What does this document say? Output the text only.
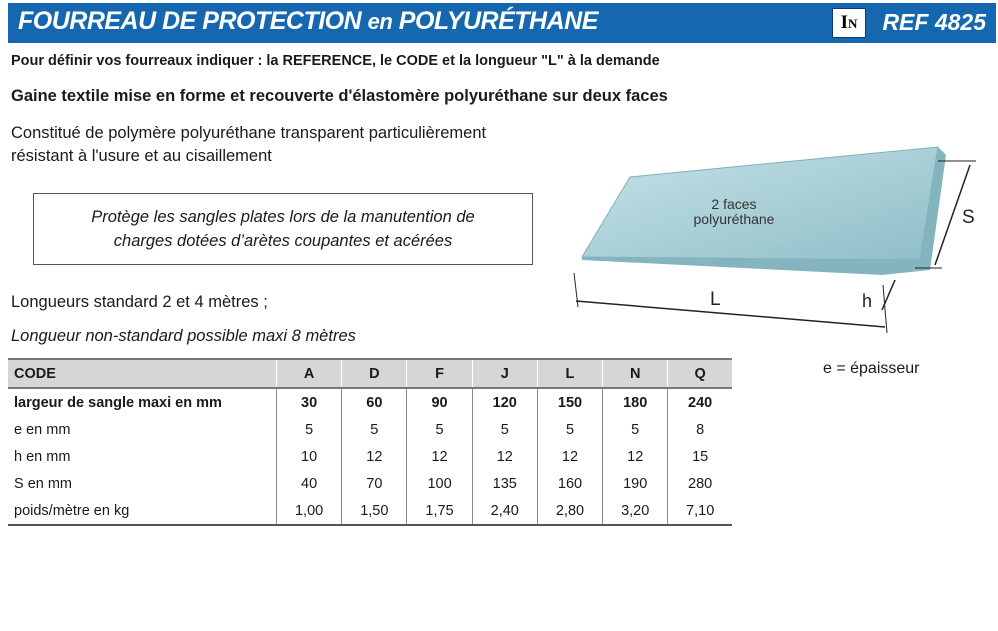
FOURREAU DE PROTECTION en POLYURÉTHANE	IN	REF 4825
Pour définir vos fourreaux indiquer : la REFERENCE, le CODE et la longueur "L" à la demande
Gaine textile mise en forme et recouverte d'élastomère polyuréthane sur deux faces
Constitué de polymère polyuréthane transparent particulièrement
résistant à l'usure et au cisaillement
Protège les sangles plates lors de la manutention de
charges dotées d’arètes coupantes et acérées
Longueurs standard 2 et 4 mètres ;
Longueur non-standard possible maxi 8 mètres
S
L	h
2 faces
polyuréthane
e = épaisseur
CODE	A	D	F	J	L	N	Q
largeur de sangle maxi en mm	30	60	90	120	150	180	240
e en mm	5	5	5	5	5	5	8
h en mm	10	12	12	12	12	12	15
S en mm	40	70	100	135	160	190	280
poids/mètre en kg	1,00	1,50	1,75	2,40	2,80	3,20	7,10
